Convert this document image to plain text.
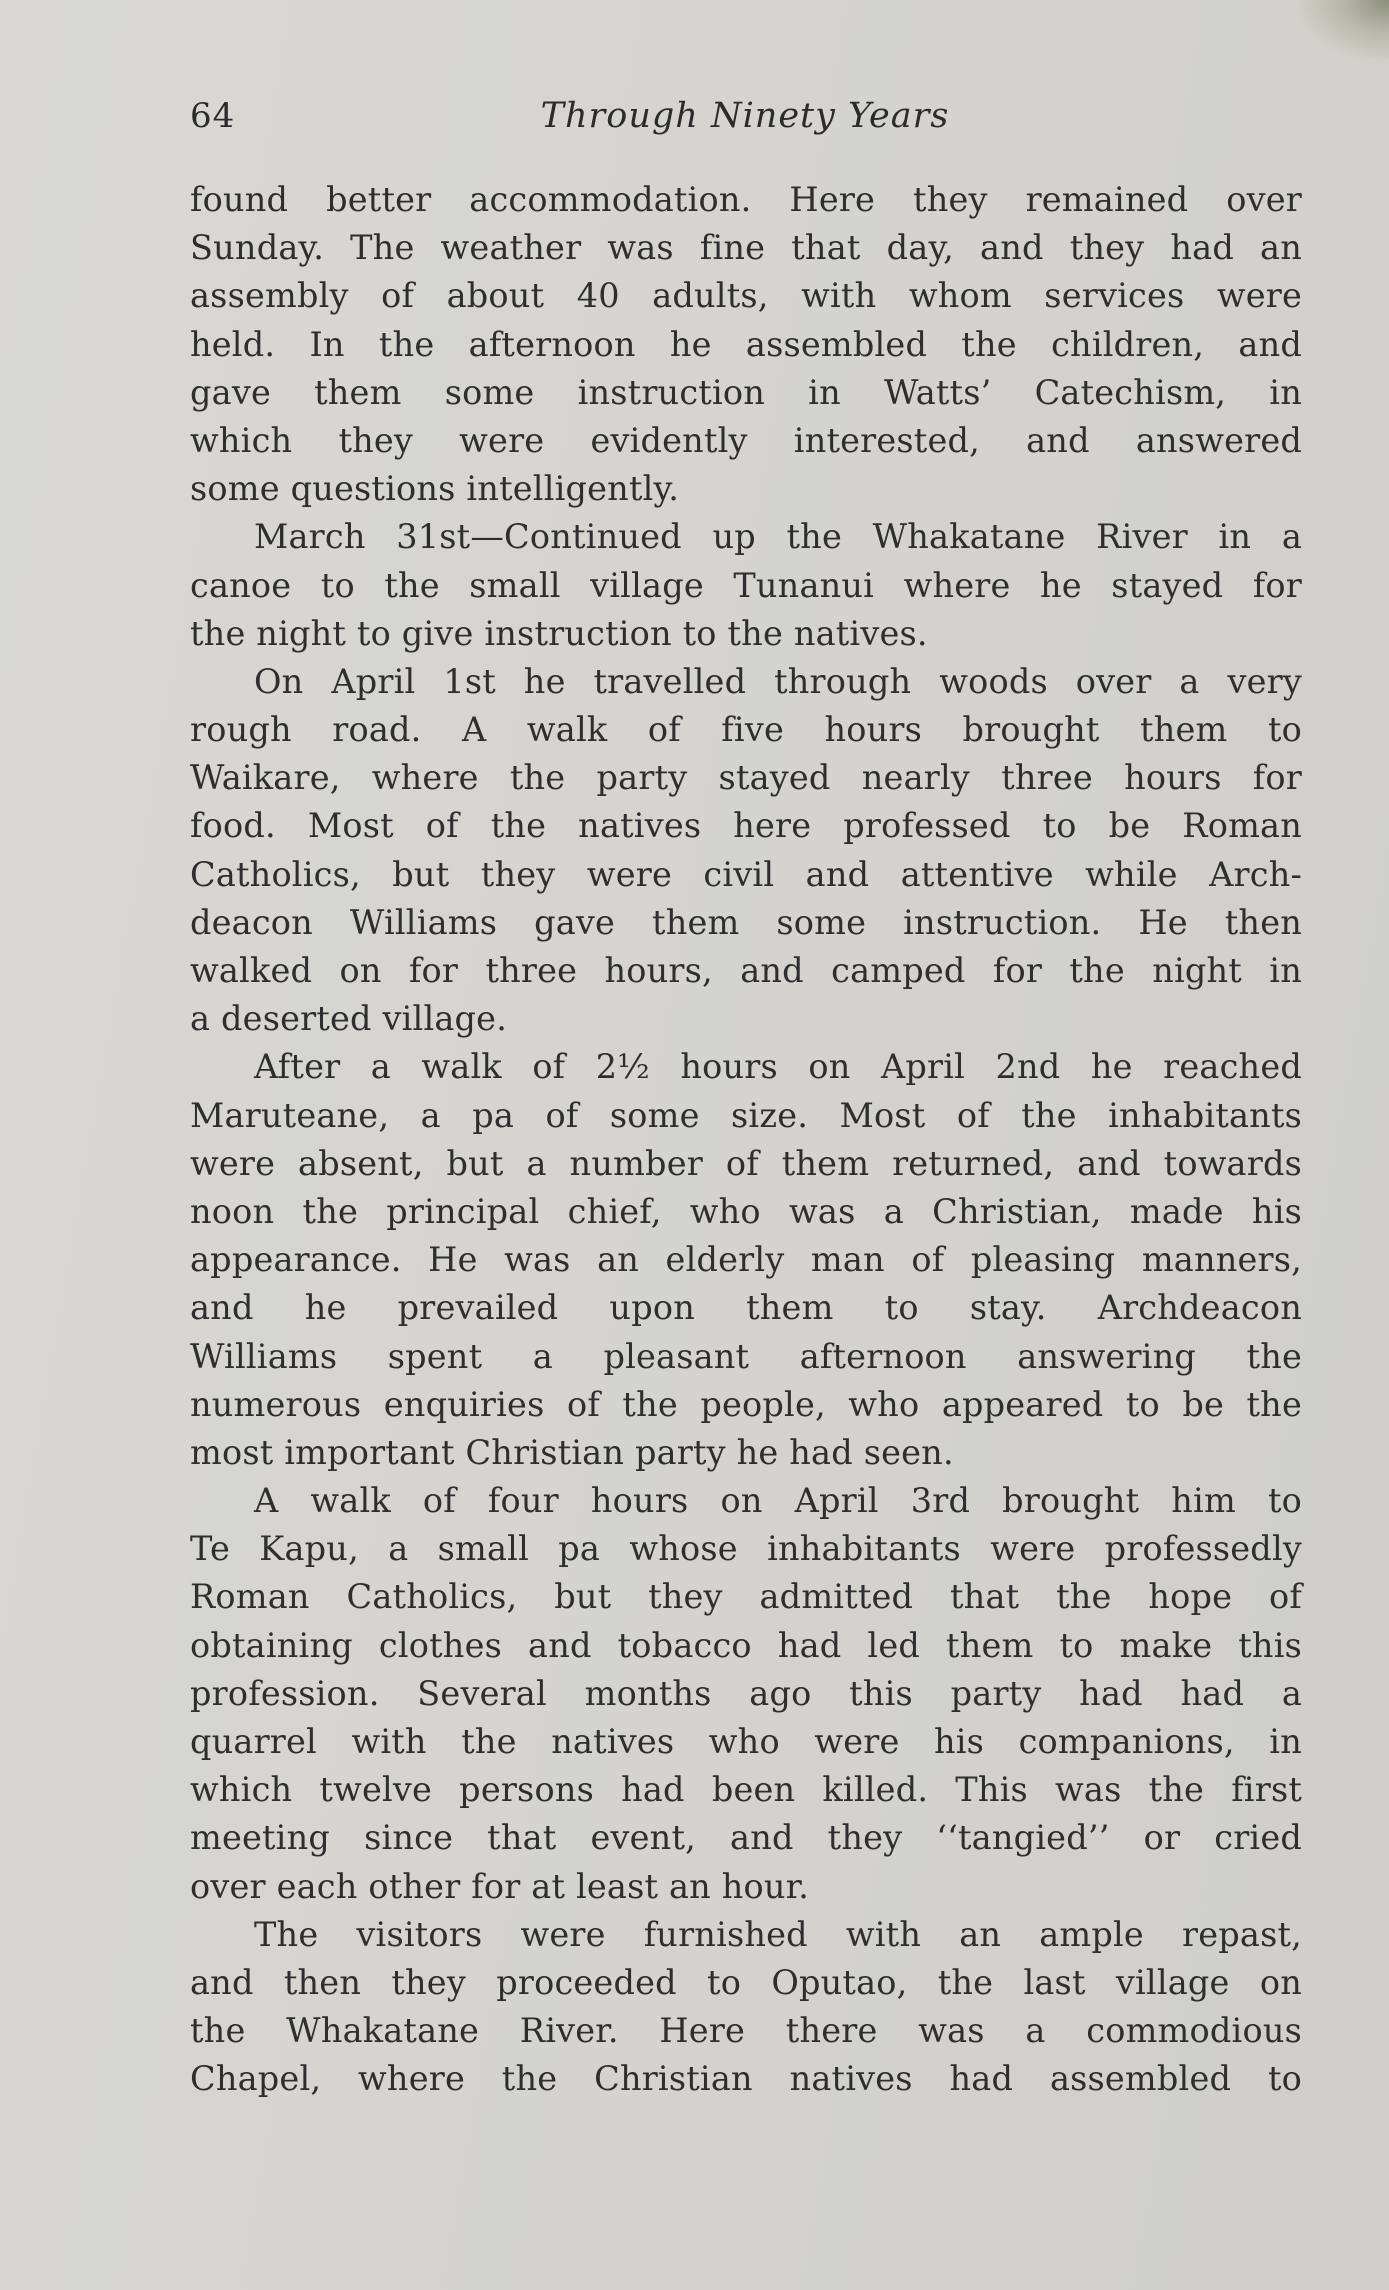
64	Through Ninety Years
found better accommodation. Here they remained over
Sunday. The weather was fine that day, and they had an
assembly of about 40 adults, with whom services were
held. In the afternoon he assembled the children, and
gave them some instruction in Watts’ Catechism, in
which they were evidently interested, and answered
some questions intelligently.
March 31st—Continued up the Whakatane River in a
canoe to the small village Tunanui where he stayed for
the night to give instruction to the natives.
On April 1st he travelled through woods over a very
rough road. A walk of five hours brought them to
Waikare, where the party stayed nearly three hours for
food. Most of the natives here professed to be Roman
Catholics, but they were civil and attentive while Arch-
deacon Williams gave them some instruction. He then
walked on for three hours, and camped for the night in
a deserted village.
After a walk of 2½ hours on April 2nd he reached
Maruteane, a pa of some size. Most of the inhabitants
were absent, but a number of them returned, and towards
noon the principal chief, who was a Christian, made his
appearance. He was an elderly man of pleasing manners,
and he prevailed upon them to stay. Archdeacon
Williams spent a pleasant afternoon answering the
numerous enquiries of the people, who appeared to be the
most important Christian party he had seen.
A walk of four hours on April 3rd brought him to
Te Kapu, a small pa whose inhabitants were professedly
Roman Catholics, but they admitted that the hope of
obtaining clothes and tobacco had led them to make this
profession. Several months ago this party had had a
quarrel with the natives who were his companions, in
which twelve persons had been killed. This was the first
meeting since that event, and they ‘‘tangied’’ or cried
over each other for at least an hour.
The visitors were furnished with an ample repast,
and then they proceeded to Oputao, the last village on
the Whakatane River. Here there was a commodious
Chapel, where the Christian natives had assembled to
